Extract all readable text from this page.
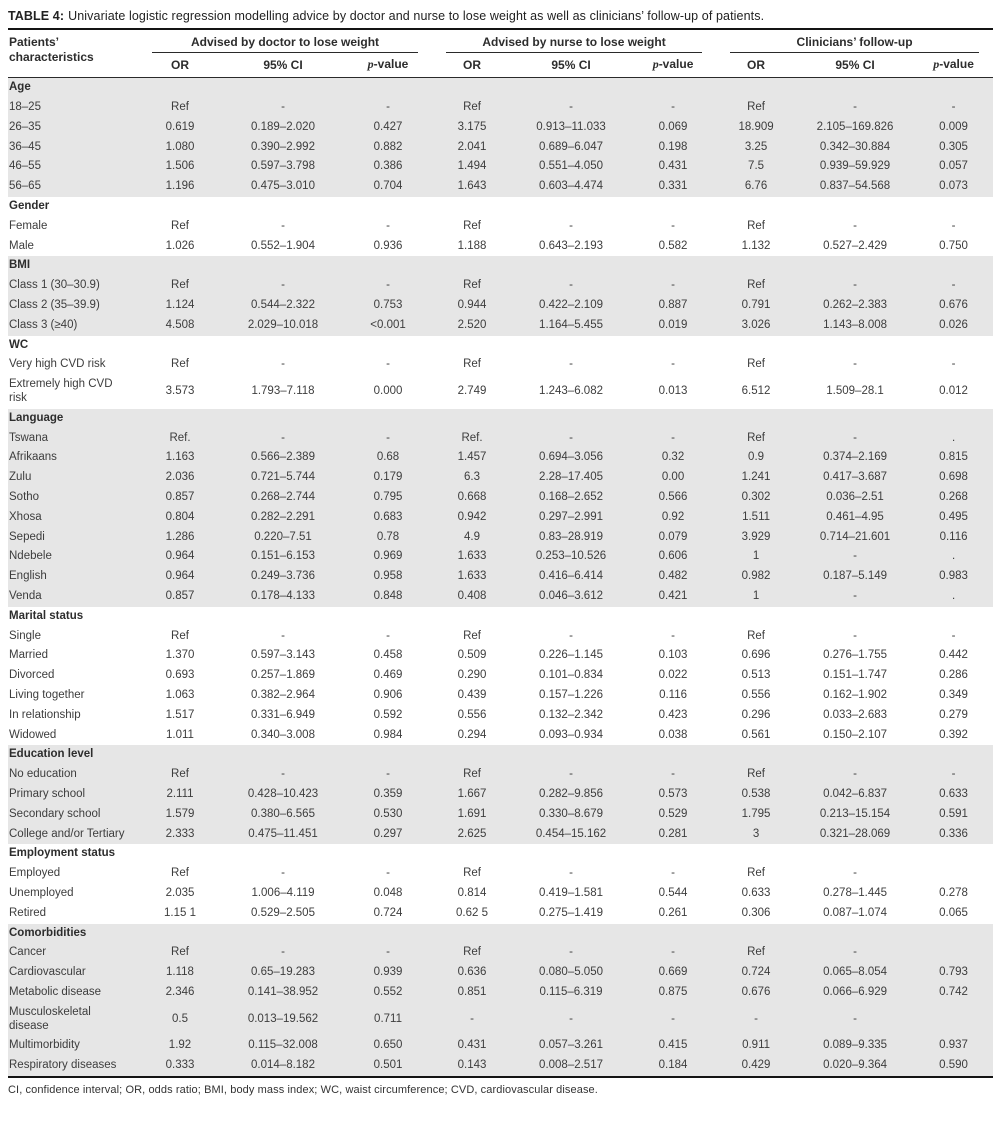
TABLE 4: Univariate logistic regression modelling advice by doctor and nurse to lose weight as well as clinicians’ follow-up of patients.
Patients’ characteristics	Advised by doctor to lose weight			Advised by nurse to lose weight			Clinicians’ follow-up		

	OR	95% CI	p-value	OR	95% CI	p-value	OR	95% CI	p-value

Age									
18–25	Ref	-	-	Ref	-	-	Ref	-	-
26–35	0.619	0.189–2.020	0.427	3.175	0.913–11.033	0.069	18.909	2.105–169.826	0.009
36–45	1.080	0.390–2.992	0.882	2.041	0.689–6.047	0.198	3.25	0.342–30.884	0.305
46–55	1.506	0.597–3.798	0.386	1.494	0.551–4.050	0.431	7.5	0.939–59.929	0.057
56–65	1.196	0.475–3.010	0.704	1.643	0.603–4.474	0.331	6.76	0.837–54.568	0.073
Gender									
Female	Ref	-	-	Ref	-	-	Ref	-	-
Male	1.026	0.552–1.904	0.936	1.188	0.643–2.193	0.582	1.132	0.527–2.429	0.750
BMI									
Class 1 (30–30.9)	Ref	-	-	Ref	-	-	Ref	-	-
Class 2 (35–39.9)	1.124	0.544–2.322	0.753	0.944	0.422–2.109	0.887	0.791	0.262–2.383	0.676
Class 3 (≥40)	4.508	2.029–10.018	<0.001	2.520	1.164–5.455	0.019	3.026	1.143–8.008	0.026
WC									
Very high CVD risk	Ref	-	-	Ref	-	-	Ref	-	-
Extremely high CVD risk	3.573	1.793–7.118	0.000	2.749	1.243–6.082	0.013	6.512	1.509–28.1	0.012
Language									
Tswana	Ref.	-	-	Ref.	-	-	Ref	-	.
Afrikaans	1.163	0.566–2.389	0.68	1.457	0.694–3.056	0.32	0.9	0.374–2.169	0.815
Zulu	2.036	0.721–5.744	0.179	6.3	2.28–17.405	0.00	1.241	0.417–3.687	0.698
Sotho	0.857	0.268–2.744	0.795	0.668	0.168–2.652	0.566	0.302	0.036–2.51	0.268
Xhosa	0.804	0.282–2.291	0.683	0.942	0.297–2.991	0.92	1.511	0.461–4.95	0.495
Sepedi	1.286	0.220–7.51	0.78	4.9	0.83–28.919	0.079	3.929	0.714–21.601	0.116
Ndebele	0.964	0.151–6.153	0.969	1.633	0.253–10.526	0.606	1	-	.
English	0.964	0.249–3.736	0.958	1.633	0.416–6.414	0.482	0.982	0.187–5.149	0.983
Venda	0.857	0.178–4.133	0.848	0.408	0.046–3.612	0.421	1	-	.
Marital status									
Single	Ref	-	-	Ref	-	-	Ref	-	-
Married	1.370	0.597–3.143	0.458	0.509	0.226–1.145	0.103	0.696	0.276–1.755	0.442
Divorced	0.693	0.257–1.869	0.469	0.290	0.101–0.834	0.022	0.513	0.151–1.747	0.286
Living together	1.063	0.382–2.964	0.906	0.439	0.157–1.226	0.116	0.556	0.162–1.902	0.349
In relationship	1.517	0.331–6.949	0.592	0.556	0.132–2.342	0.423	0.296	0.033–2.683	0.279
Widowed	1.011	0.340–3.008	0.984	0.294	0.093–0.934	0.038	0.561	0.150–2.107	0.392
Education level									
No education	Ref	-	-	Ref	-	-	Ref	-	-
Primary school	2.111	0.428–10.423	0.359	1.667	0.282–9.856	0.573	0.538	0.042–6.837	0.633
Secondary school	1.579	0.380–6.565	0.530	1.691	0.330–8.679	0.529	1.795	0.213–15.154	0.591
College and/or Tertiary	2.333	0.475–11.451	0.297	2.625	0.454–15.162	0.281	3	0.321–28.069	0.336
Employment status									
Employed	Ref	-	-	Ref	-	-	Ref	-	
Unemployed	2.035	1.006–4.119	0.048	0.814	0.419–1.581	0.544	0.633	0.278–1.445	0.278
Retired	1.15 1	0.529–2.505	0.724	0.62 5	0.275–1.419	0.261	0.306	0.087–1.074	0.065
Comorbidities									
Cancer	Ref	-	-	Ref	-	-	Ref	-	
Cardiovascular	1.118	0.65–19.283	0.939	0.636	0.080–5.050	0.669	0.724	0.065–8.054	0.793
Metabolic disease	2.346	0.141–38.952	0.552	0.851	0.115–6.319	0.875	0.676	0.066–6.929	0.742
Musculoskeletal disease	0.5	0.013–19.562	0.711	-	-	-	-	-	
Multimorbidity	1.92	0.115–32.008	0.650	0.431	0.057–3.261	0.415	0.911	0.089–9.335	0.937
Respiratory diseases	0.333	0.014–8.182	0.501	0.143	0.008–2.517	0.184	0.429	0.020–9.364	0.590
CI, confidence interval; OR, odds ratio; BMI, body mass index; WC, waist circumference; CVD, cardiovascular disease.
